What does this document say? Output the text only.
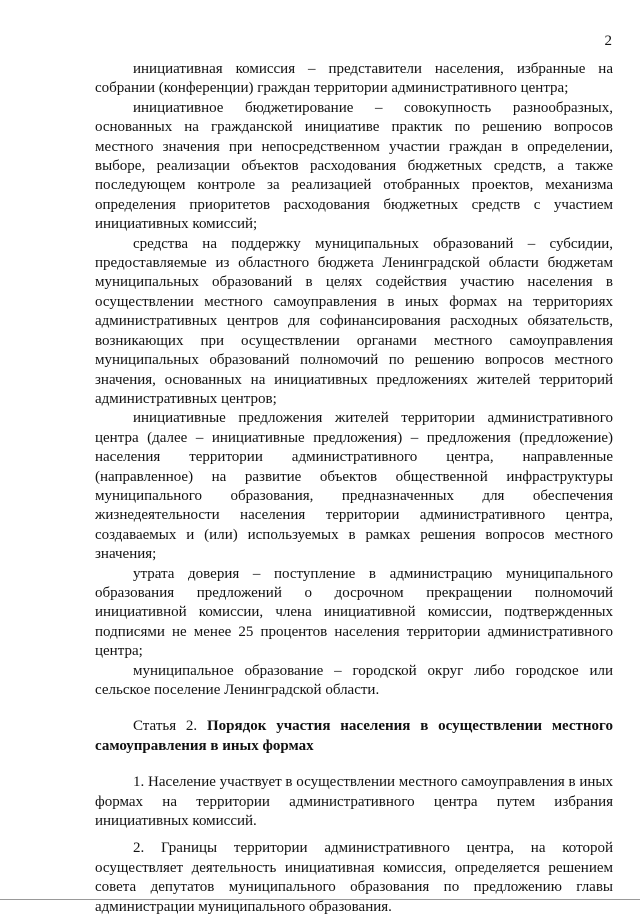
2

инициативная комиссия – представители населения, избранные на собрании (конференции) граждан территории административного центра;

инициативное бюджетирование – совокупность разнообразных, основанных на гражданской инициативе практик по решению вопросов местного значения при непосредственном участии граждан в определении, выборе, реализации объектов расходования бюджетных средств, а также последующем контроле за реализацией отобранных проектов, механизма определения приоритетов расходования бюджетных средств с участием инициативных комиссий;

средства на поддержку муниципальных образований – субсидии, предоставляемые из областного бюджета Ленинградской области бюджетам муниципальных образований в целях содействия участию населения в осуществлении местного самоуправления в иных формах на территориях административных центров для софинансирования расходных обязательств, возникающих при осуществлении органами местного самоуправления муниципальных образований полномочий по решению вопросов местного значения, основанных на инициативных предложениях жителей территорий административных центров;

инициативные предложения жителей территории административного центра (далее – инициативные предложения) – предложения (предложение) населения территории административного центра, направленные (направленное) на развитие объектов общественной инфраструктуры муниципального образования, предназначенных для обеспечения жизнедеятельности населения территории административного центра, создаваемых и (или) используемых в рамках решения вопросов местного значения;

утрата доверия – поступление в администрацию муниципального образования предложений о досрочном прекращении полномочий инициативной комиссии, члена инициативной комиссии, подтвержденных подписями не менее 25 процентов населения территории административного центра;

муниципальное образование – городской округ либо городское или сельское поселение Ленинградской области.

Статья 2. Порядок участия населения в осуществлении местного самоуправления в иных формах

1. Население участвует в осуществлении местного самоуправления в иных формах на территории административного центра путем избрания инициативных комиссий.

2. Границы территории административного центра, на которой осуществляет деятельность инициативная комиссия, определяется решением совета депутатов муниципального образования по предложению главы администрации муниципального образования.
